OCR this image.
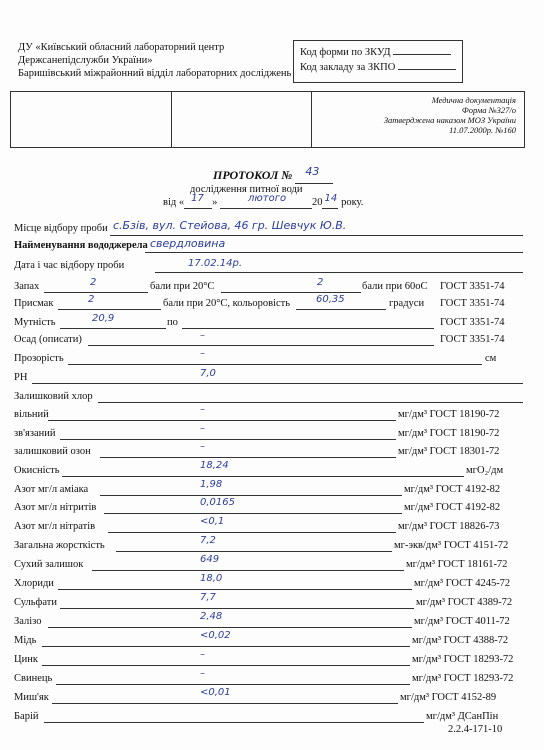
ДУ «Київський обласний лабораторний центр
Держсанепідслужби України»
Баришівський міжрайонний відділ лабораторних досліджень
Код форми по ЗКУД
Код закладу за ЗКПО
Медична документація
Форма №327/о
Затверджена наказом МОЗ України
11.07.2000р. №160
ПРОТОКОЛ № 43

дослідження питної води
від « 17 »	лютого 20 14 року.
Місце відбору проби с.Бзів, вул. Стейова, 46 гр. Шевчук Ю.В.
Найменування вододжерела свердловина
Дата і час відбору проби	17.02.14р.
Запах	2	бали при 20°С	2	бали при 60оС ГОСТ 3351-74
Присмак	2	бали при 20°С, кольоровість	60,35	градуси ГОСТ 3351-74
Мутність	20,9	по	ГОСТ 3351-74
Осад (описати)	–	ГОСТ 3351-74
Прозорість	–	см
РН	7,0
Залишковий хлор
вільний	–	мг/дм³ ГОСТ 18190-72
зв'язаний	–	мг/дм³ ГОСТ 18190-72
залишковий озон	–	мг/дм³ ГОСТ 18301-72
Окисність	18,24	мгО₂/дм
Азот мг/л аміака	1,98	мг/дм³ ГОСТ 4192-82
Азот мг/л нітритів	0,0165	мг/дм³ ГОСТ 4192-82
Азот мг/л нітратів	<0,1	мг/дм³ ГОСТ 18826-73
Загальна жорсткість	7,2	мг-экв/дм³ ГОСТ 4151-72
Сухий залишок	649	мг/дм³ ГОСТ 18161-72
Хлориди	18,0	мг/дм³ ГОСТ 4245-72
Сульфати	7,7	мг/дм³ ГОСТ 4389-72
Залізо	2,48	мг/дм³ ГОСТ 4011-72
Мідь	<0,02	мг/дм³ ГОСТ 4388-72
Цинк	–	мг/дм³ ГОСТ 18293-72
Свинець	–	мг/дм³ ГОСТ 18293-72
Миш'як	<0,01	мг/дм³ ГОСТ 4152-89
Барій	мг/дм³ ДСанПін
2.2.4-171-10
